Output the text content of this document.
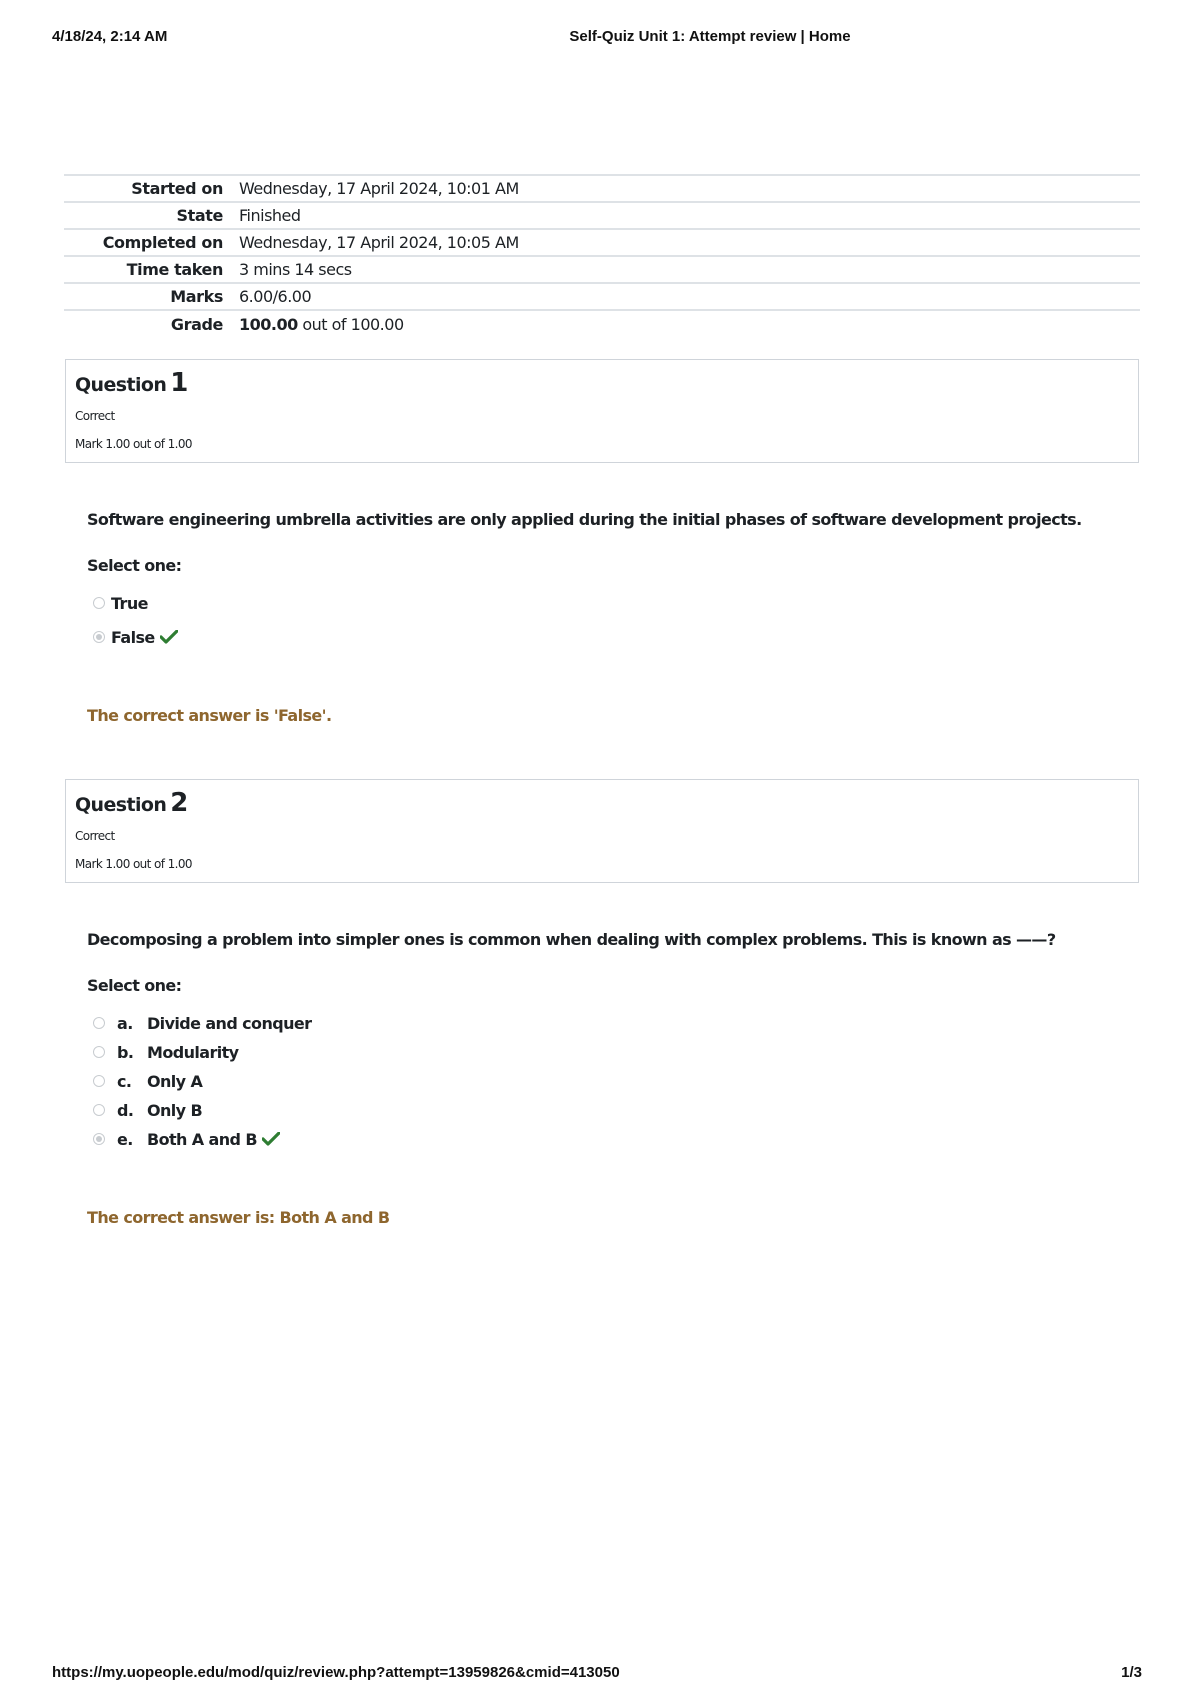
4/18/24, 2:14 AM	Self-Quiz Unit 1: Attempt review | Home
Started on	Wednesday, 17 April 2024, 10:01 AM
State	Finished
Completed on	Wednesday, 17 April 2024, 10:05 AM
Time taken	3 mins 14 secs
Marks	6.00/6.00
Grade	100.00 out of 100.00
Question 1
Correct
Mark 1.00 out of 1.00
Software engineering umbrella activities are only applied during the initial phases of software development projects.
Select one:
True
False
The correct answer is 'False'.
Question 2
Correct
Mark 1.00 out of 1.00
Decomposing a problem into simpler ones is common when dealing with complex problems. This is known as ——?
Select one:
a. Divide and conquer
b. Modularity
c. Only A
d. Only B
e. Both A and B
The correct answer is: Both A and B
https://my.uopeople.edu/mod/quiz/review.php?attempt=13959826&cmid=413050	1/3
